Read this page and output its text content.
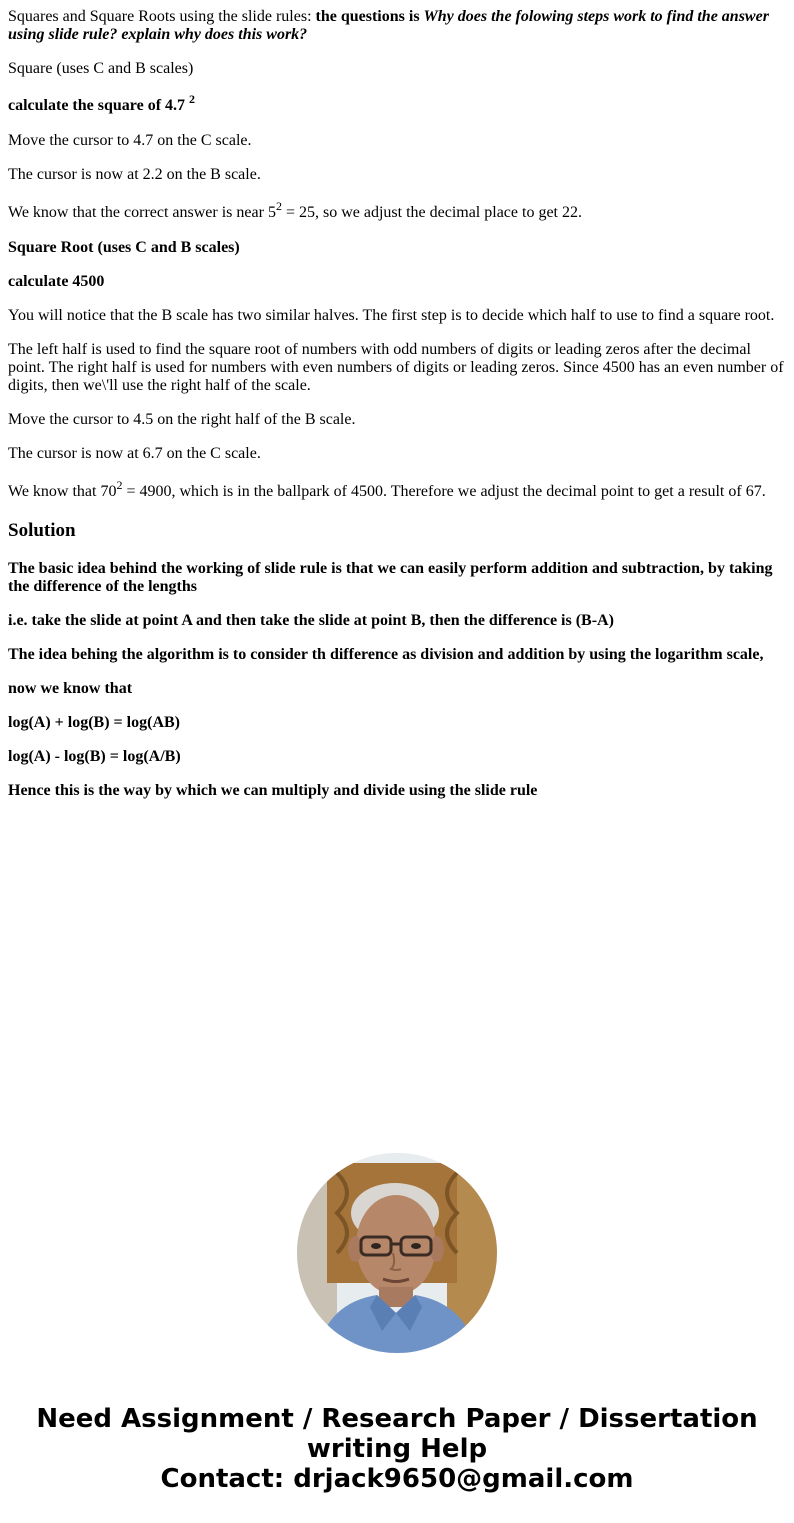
Squares and Square Roots using the slide rules: the questions is Why does the folowing steps work to find the answer using slide rule? explain why does this work?

Square (uses C and B scales)

calculate the square of 4.7 $^2$

Move the cursor to 4.7 on the C scale.

The cursor is now at 2.2 on the B scale.

We know that the correct answer is near $5^2 = 25$, so we adjust the decimal place to get 22.

Square Root (uses C and B scales)

calculate 4500

You will notice that the B scale has two similar halves. The first step is to decide which half to use to find a square root.

The left half is used to find the square root of numbers with odd numbers of digits or leading zeros after the decimal point. The right half is used for numbers with even numbers of digits or leading zeros. Since 4500 has an even number of digits, then we\'ll use the right half of the scale.

Move the cursor to 4.5 on the right half of the B scale.

The cursor is now at 6.7 on the C scale.

We know that $70^2 = 4900$, which is in the ballpark of 4500. Therefore we adjust the decimal point to get a result of 67.

Solution

The basic idea behind the working of slide rule is that we can easily perform addition and subtraction, by taking the difference of the lengths

i.e. take the slide at point A and then take the slide at point B, then the difference is (B-A)

The idea behing the algorithm is to consider th difference as division and addition by using the logarithm scale,

now we know that

log(A) + log(B) = log(AB)

log(A) - log(B) = log(A/B)

Hence this is the way by which we can multiply and divide using the slide rule

Need Assignment / Research Paper / Dissertation
writing Help
Contact: drjack9650@gmail.com
